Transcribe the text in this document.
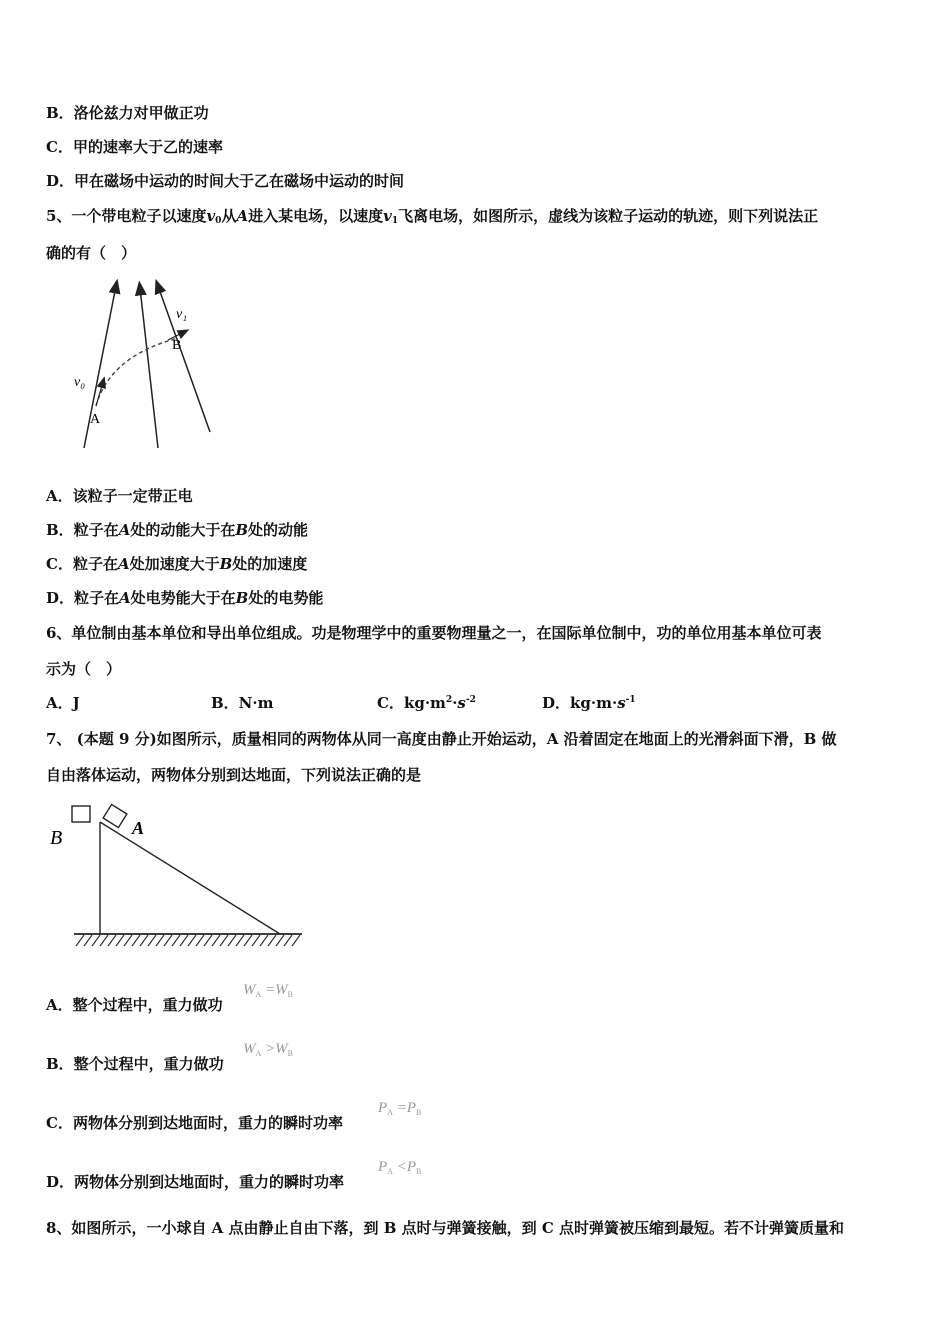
B．洛伦兹力对甲做正功
C．甲的速率大于乙的速率
D．甲在磁场中运动的时间大于乙在磁场中运动的时间
5、一个带电粒子以速度$v_0$从A进入某电场，以速度$v_1$飞离电场，如图所示，虚线为该粒子运动的轨迹，则下列说法正
确的有（　）
v₁
B
v₀
A
A．该粒子一定带正电
B．粒子在A处的动能大于在B处的动能
C．粒子在A处加速度大于B处的加速度
D．粒子在A处电势能大于在B处的电势能
6、单位制由基本单位和导出单位组成。功是物理学中的重要物理量之一，在国际单位制中，功的单位用基本单位可表
示为（　）
A．J	B．N·m	C．$kg\cdot m^2\cdot s^{-2}$	D．$kg\cdot m\cdot s^{-1}$
7、 (本题 9 分)如图所示，质量相同的两物体从同一高度由静止开始运动，A 沿着固定在地面上的光滑斜面下滑，B 做
自由落体运动，两物体分别到达地面，下列说法正确的是
B	A
A．整个过程中，重力做功
$W_A =W_B$
B．整个过程中，重力做功
$W_A >W_B$
C．两物体分别到达地面时，重力的瞬时功率
$P_A =P_B$
D．两物体分别到达地面时，重力的瞬时功率
$P_A <P_B$
8、如图所示，一小球自 A 点由静止自由下落，到 B 点时与弹簧接触，到 C 点时弹簧被压缩到最短。若不计弹簧质量和
